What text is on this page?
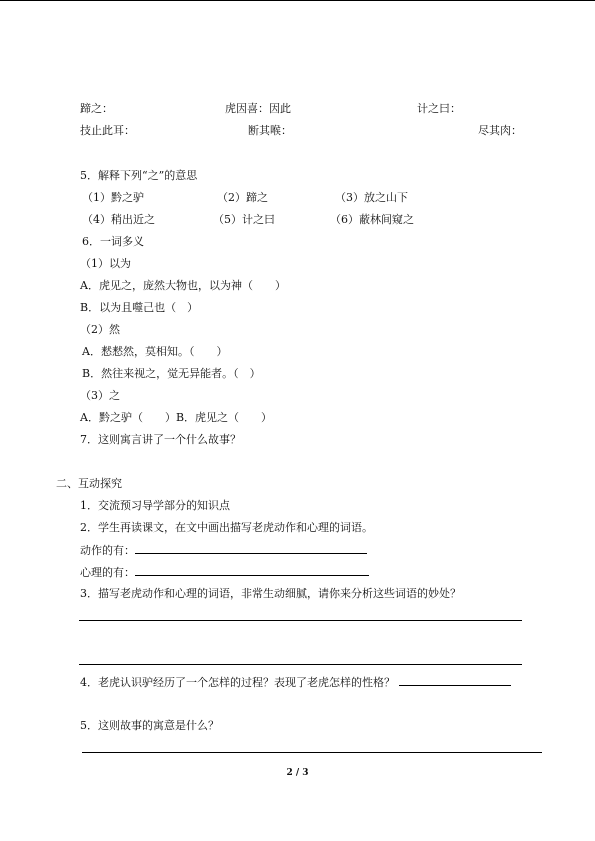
蹄之：	虎因喜：因此	计之曰：
技止此耳：	断其喉：	尽其肉：
5．解释下列“之”的意思
（1）黔之驴	（2）蹄之	（3）放之山下
（4）稍出近之	（5）计之曰	（6）蔽林间窥之
6．一词多义
（1）以为
A．虎见之，庞然大物也，以为神（　　）
B．以为且噬己也（　）
（2）然
A．慭慭然，莫相知。（　　）
B．然往来视之，觉无异能者。（　）
（3）之
A．黔之驴（　　）B．虎见之（　　）
7．这则寓言讲了一个什么故事？
二、互动探究
1．交流预习导学部分的知识点
2．学生再读课文，在文中画出描写老虎动作和心理的词语。
动作的有：
心理的有：
3．描写老虎动作和心理的词语，非常生动细腻，请你来分析这些词语的妙处？
4．老虎认识驴经历了一个怎样的过程？表现了老虎怎样的性格？
5．这则故事的寓意是什么？
2 / 3
